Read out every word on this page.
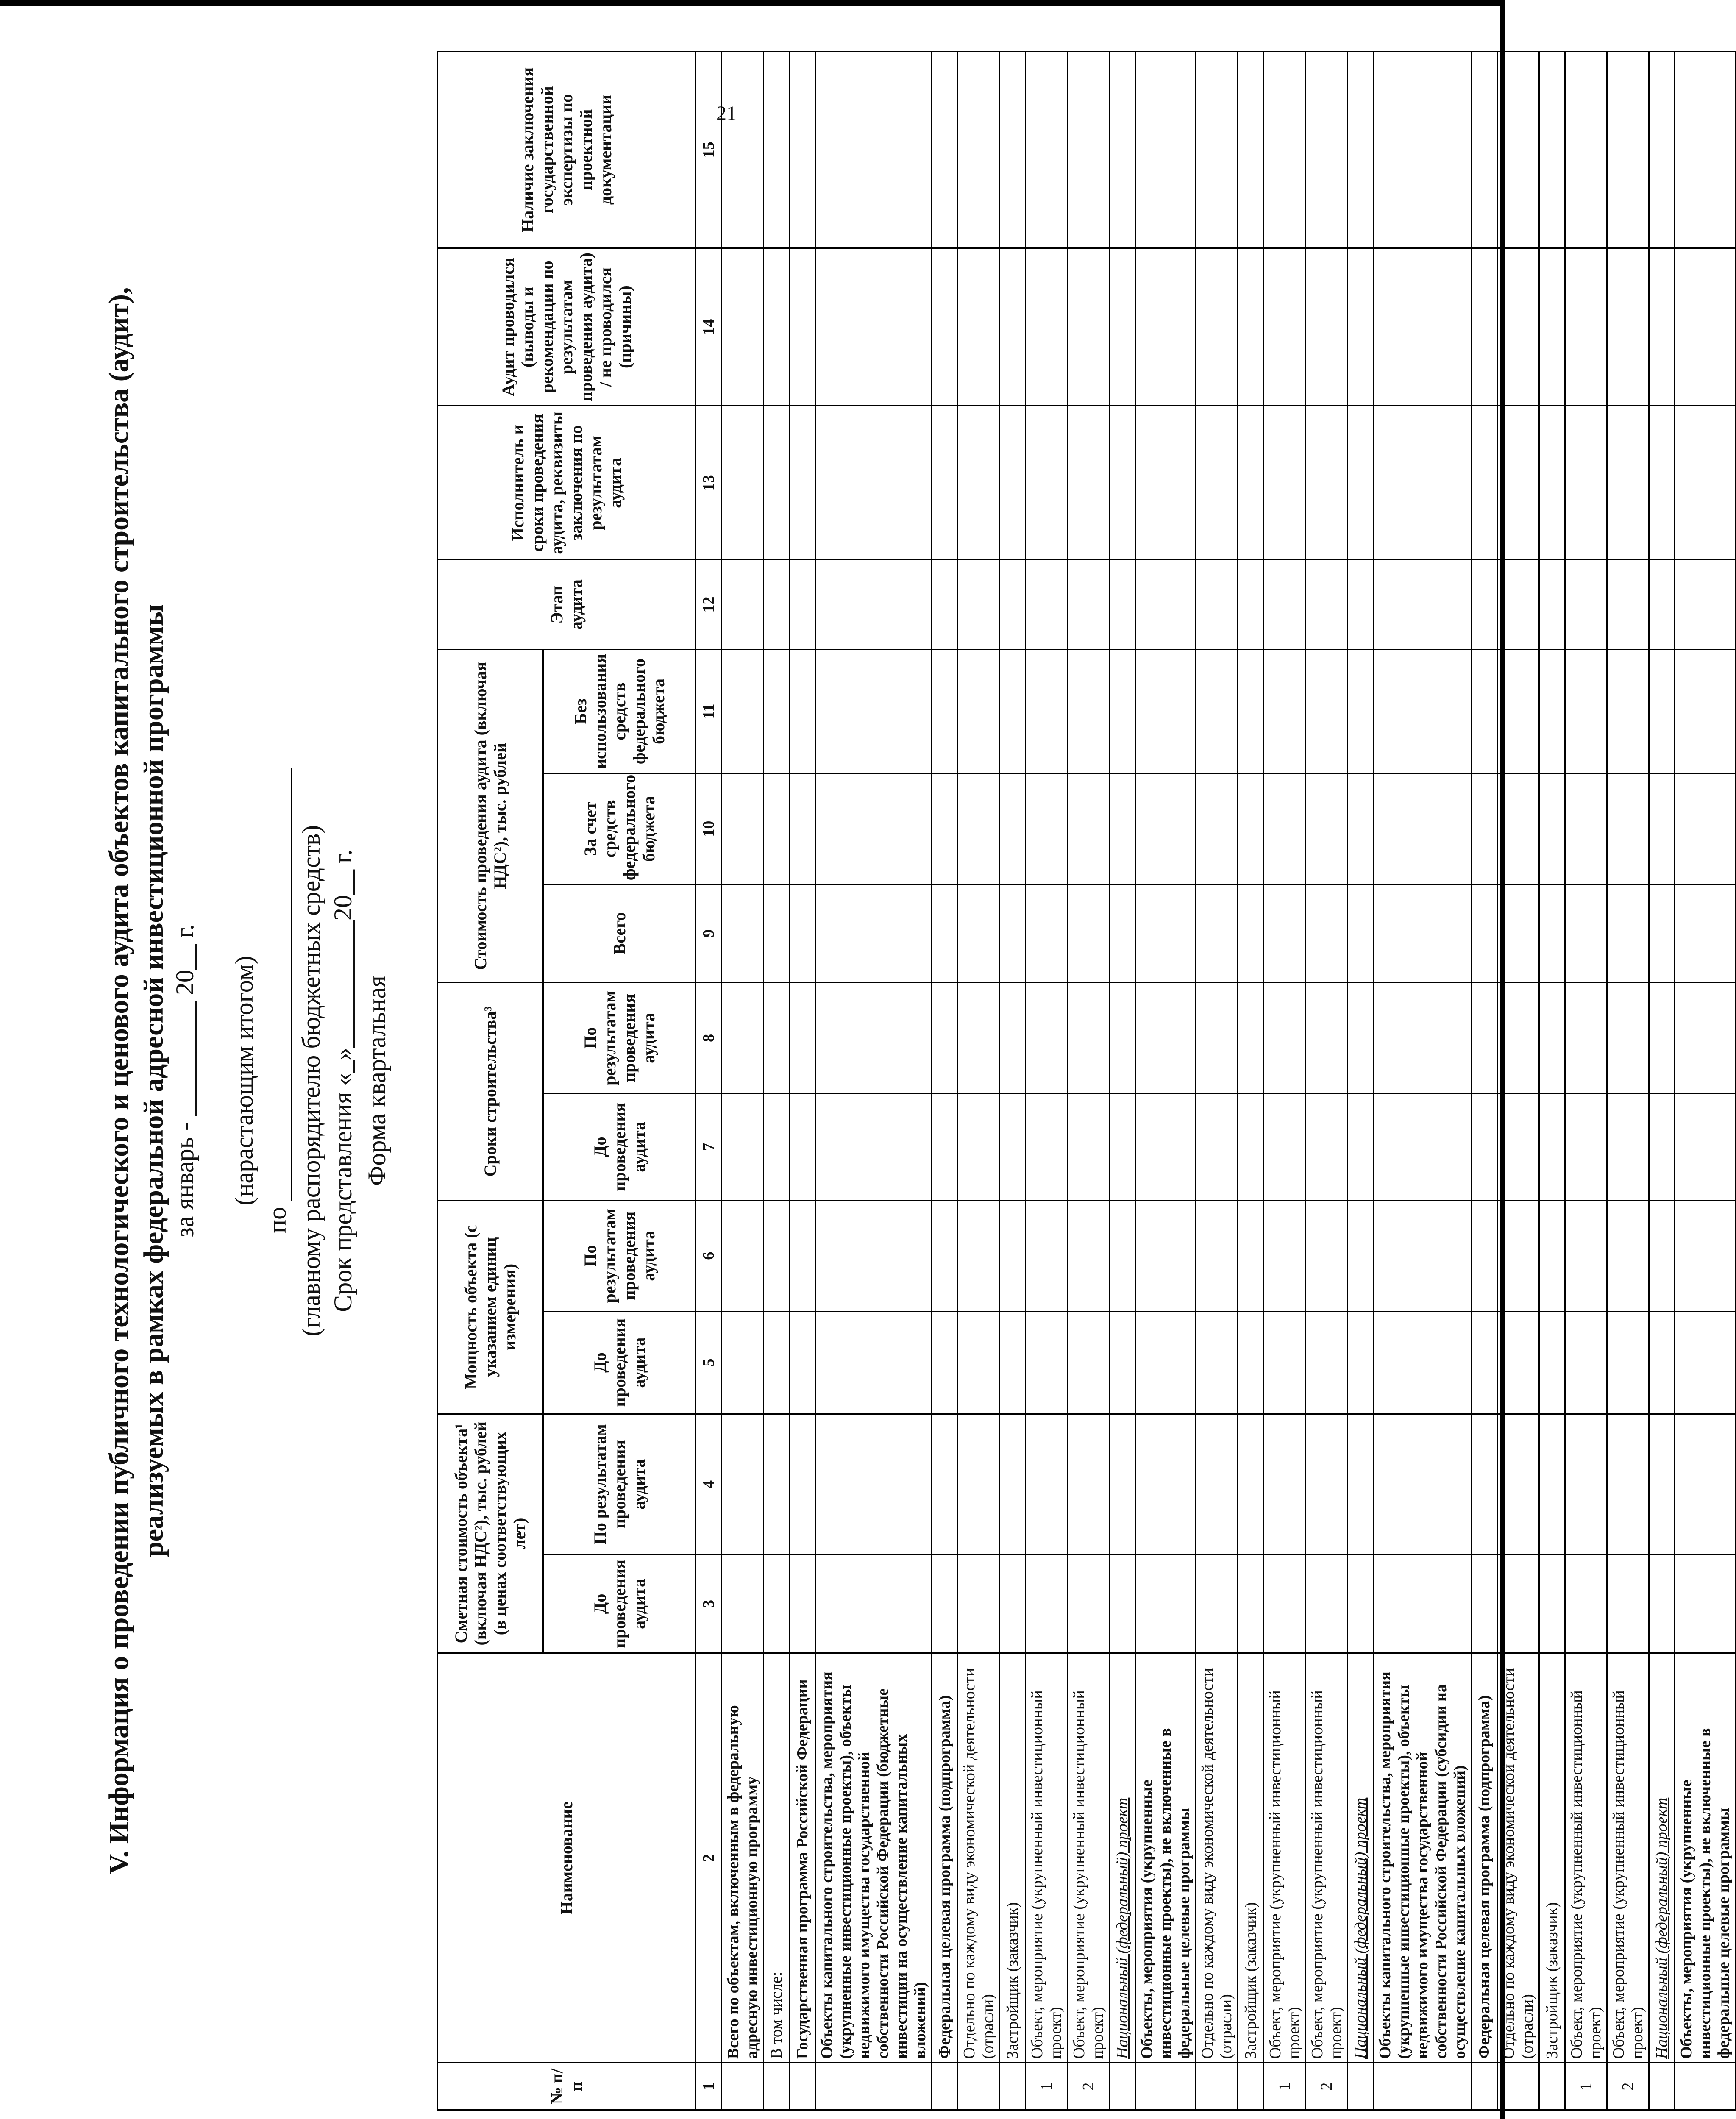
21
V. Информация о проведении публичного технологического и ценового аудита объектов капитального строительства (аудит), реализуемых в рамках федеральной адресной инвестиционной программы за январь - _________ 20__ г. (нарастающим итогом)
по (главному распорядителю бюджетных средств) Срок представления «_»__________20__ г. Форма квартальная
№ п/п	Наименование	Сметная стоимость объекта¹ (включая НДС²), тыс. рублей (в ценах соответствующих лет)		Мощность объекта (с указанием единиц измерения)		Сроки строительства³		Стоимость проведения аудита (включая НДС²), тыс. рублей			Этап аудита	Исполнитель и сроки проведения аудита, реквизиты заключения по результатам аудита	Аудит проводился (выводы и рекомендации по результатам проведения аудита) / не проводился (причины)	Наличие заключения государственной экспертизы по проектной документации
		До проведения аудита	По результатам проведения аудита	До проведения аудита	По результатам проведения аудита	До проведения аудита	По результатам проведения аудита	Всего	За счет средств федерального бюджета	Без использования средств федерального бюджета				
1	2	3	4	5	6	7	8	9	10	11	12	13	14	15
	Всего по объектам, включенным в федеральную адресную инвестиционную программу													
	В том числе:													
	Государственная программа Российской Федерации													
	Объекты капитального строительства, мероприятия (укрупненные инвестиционные проекты), объекты недвижимого имущества государственной собственности Российской Федерации (бюджетные инвестиции на осуществление капитальных вложений)													
	Федеральная целевая программа (подпрограмма)													
	Отдельно по каждому виду экономической деятельности (отрасли)													
	Застройщик (заказчик)													
1	Объект, мероприятие (укрупненный инвестиционный проект)													
2	Объект, мероприятие (укрупненный инвестиционный проект)													
	Национальный (федеральный) проект													
	Объекты, мероприятия (укрупненные инвестиционные проекты), не включенные в федеральные целевые программы													
	Отдельно по каждому виду экономической деятельности (отрасли)													
	Застройщик (заказчик)													
1	Объект, мероприятие (укрупненный инвестиционный проект)													
2	Объект, мероприятие (укрупненный инвестиционный проект)													
	Национальный (федеральный) проект													
	Объекты капитального строительства, мероприятия (укрупненные инвестиционные проекты), объекты недвижимого имущества государственной собственности Российской Федерации (субсидии на осуществление капитальных вложений)													
	Федеральная целевая программа (подпрограмма)													
	Отдельно по каждому виду экономической деятельности (отрасли)													
	Застройщик (заказчик)													
1	Объект, мероприятие (укрупненный инвестиционный проект)													
2	Объект, мероприятие (укрупненный инвестиционный проект)													
	Национальный (федеральный) проект													
	Объекты, мероприятия (укрупненные инвестиционные проекты), не включенные в федеральные целевые программы													
